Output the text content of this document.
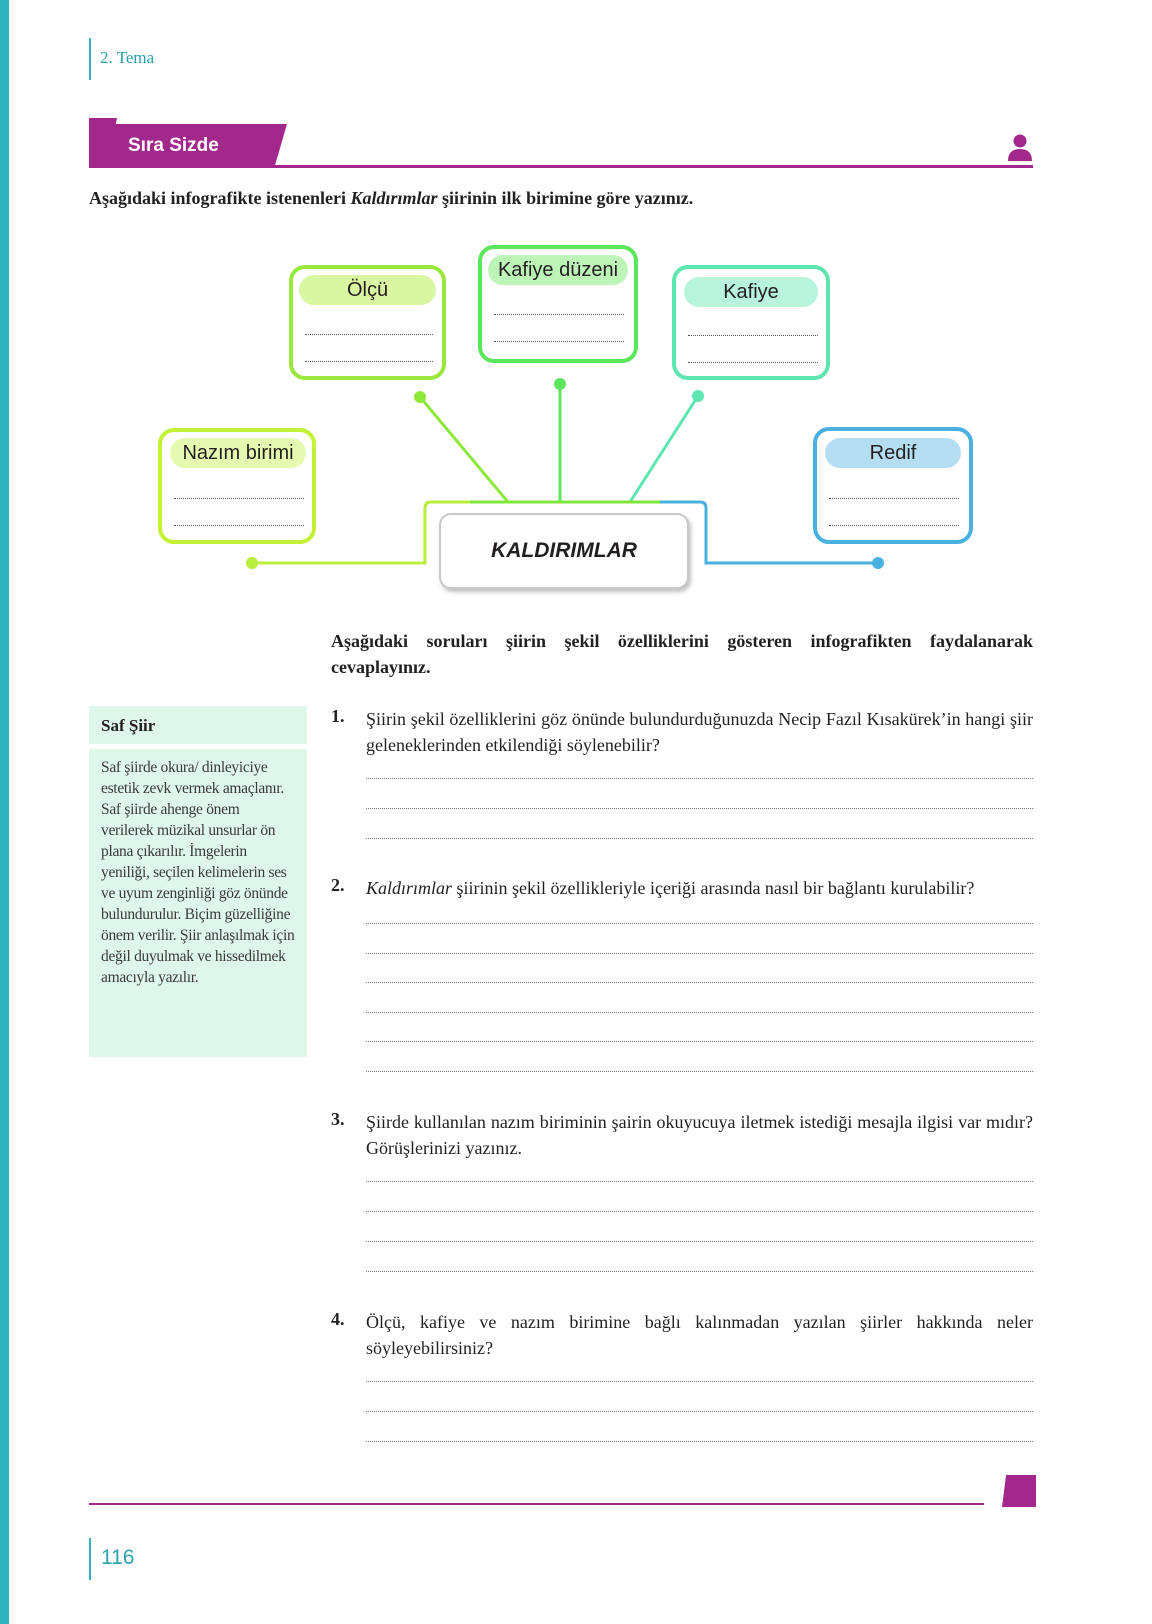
2. Tema
Sıra Sizde
Aşağıdaki infografikte istenenleri Kaldırımlar şiirinin ilk birimine göre yazınız.
Ölçü
Kafiye düzeni
Kafiye
Nazım birimi	Redif
KALDIRIMLAR
Aşağıdaki soruları şiirin şekil özelliklerini gösteren infografikten faydalanarak cevaplayınız.
Saf Şiir
Saf şiirde okura/ dinleyiciye estetik zevk vermek amaçlanır. Saf şiirde ahenge önem verilerek müzikal unsurlar ön plana çıkarılır. İmgelerin yeniliği, seçilen kelimelerin ses ve uyum zenginliği göz önünde bulundurulur. Biçim güzelliğine önem verilir. Şiir anlaşılmak için değil duyulmak ve hissedilmek amacıyla yazılır.
1. Şiirin şekil özelliklerini göz önünde bulundurduğunuzda Necip Fazıl Kısakürek’in hangi şiir geleneklerinden etkilendiği söylenebilir?
2. Kaldırımlar şiirinin şekil özellikleriyle içeriği arasında nasıl bir bağlantı kurulabilir?
3. Şiirde kullanılan nazım biriminin şairin okuyucuya iletmek istediği mesajla ilgisi var mıdır? Görüşlerinizi yazınız.
4. Ölçü, kafiye ve nazım birimine bağlı kalınmadan yazılan şiirler hakkında neler söyleyebilirsiniz?
116
